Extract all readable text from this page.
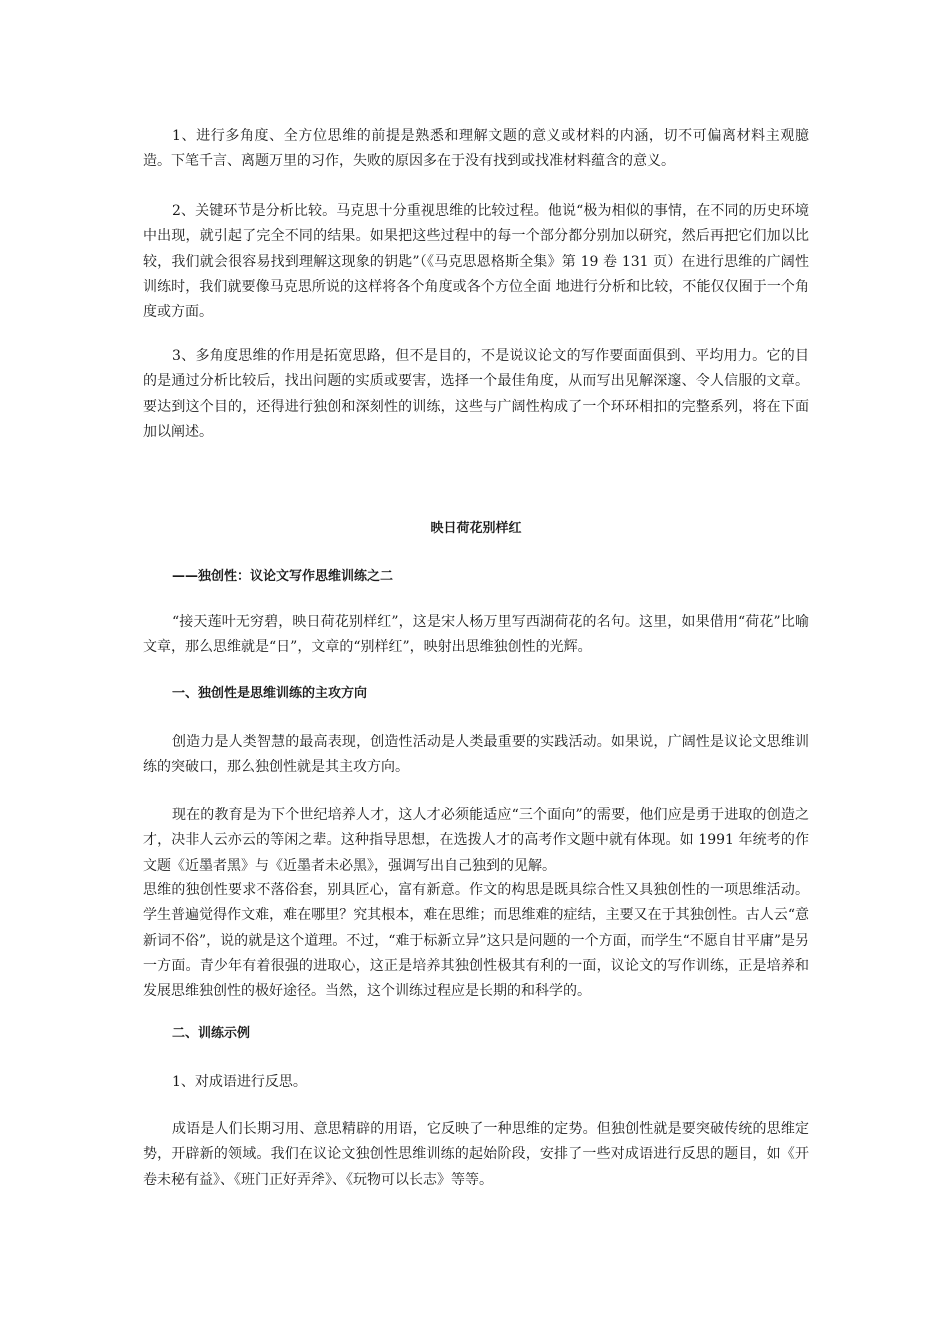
1、进行多角度、全方位思维的前提是熟悉和理解文题的意义或材料的内涵，切不可偏离材料主观臆造。下笔千言、离题万里的习作，失败的原因多在于没有找到或找准材料蕴含的意义。

2、关键环节是分析比较。马克思十分重视思维的比较过程。他说“极为相似的事情，在不同的历史环境中出现，就引起了完全不同的结果。如果把这些过程中的每一个部分都分别加以研究，然后再把它们加以比较，我们就会很容易找到理解这现象的钥匙”（《马克思恩格斯全集》第 19 卷 131 页）在进行思维的广阔性训练时，我们就要像马克思所说的这样将各个角度或各个方位全面 地进行分析和比较，不能仅仅囿于一个角度或方面。

3、多角度思维的作用是拓宽思路，但不是目的，不是说议论文的写作要面面俱到、平均用力。它的目的是通过分析比较后，找出问题的实质或要害，选择一个最佳角度，从而写出见解深邃、令人信服的文章。要达到这个目的，还得进行独创和深刻性的训练，这些与广阔性构成了一个环环相扣的完整系列，将在下面加以阐述。

映日荷花别样红

——独创性：议论文写作思维训练之二

“接天莲叶无穷碧，映日荷花别样红”，这是宋人杨万里写西湖荷花的名句。这里，如果借用“荷花”比喻文章，那么思维就是“日”，文章的“别样红”，映射出思维独创性的光辉。

一、独创性是思维训练的主攻方向

创造力是人类智慧的最高表现，创造性活动是人类最重要的实践活动。如果说，广阔性是议论文思维训练的突破口，那么独创性就是其主攻方向。

现在的教育是为下个世纪培养人才，这人才必须能适应“三个面向”的需要，他们应是勇于进取的创造之才，决非人云亦云的等闲之辈。这种指导思想，在选拨人才的高考作文题中就有体现。如 1991 年统考的作文题《近墨者黑》与《近墨者未必黑》，强调写出自己独到的见解。

思维的独创性要求不落俗套，别具匠心，富有新意。作文的构思是既具综合性又具独创性的一项思维活动。学生普遍觉得作文难，难在哪里？究其根本，难在思维；而思维难的症结，主要又在于其独创性。古人云“意新词不俗”，说的就是这个道理。不过，“难于标新立异”这只是问题的一个方面，而学生“不愿自甘平庸”是另一方面。青少年有着很强的进取心，这正是培养其独创性极其有利的一面，议论文的写作训练，正是培养和发展思维独创性的极好途径。当然，这个训练过程应是长期的和科学的。

二、训练示例

1、对成语进行反思。

成语是人们长期习用、意思精辟的用语，它反映了一种思维的定势。但独创性就是要突破传统的思维定势，开辟新的领域。我们在议论文独创性思维训练的起始阶段，安排了一些对成语进行反思的题目，如《开卷未秘有益》、《班门正好弄斧》、《玩物可以长志》等等。
